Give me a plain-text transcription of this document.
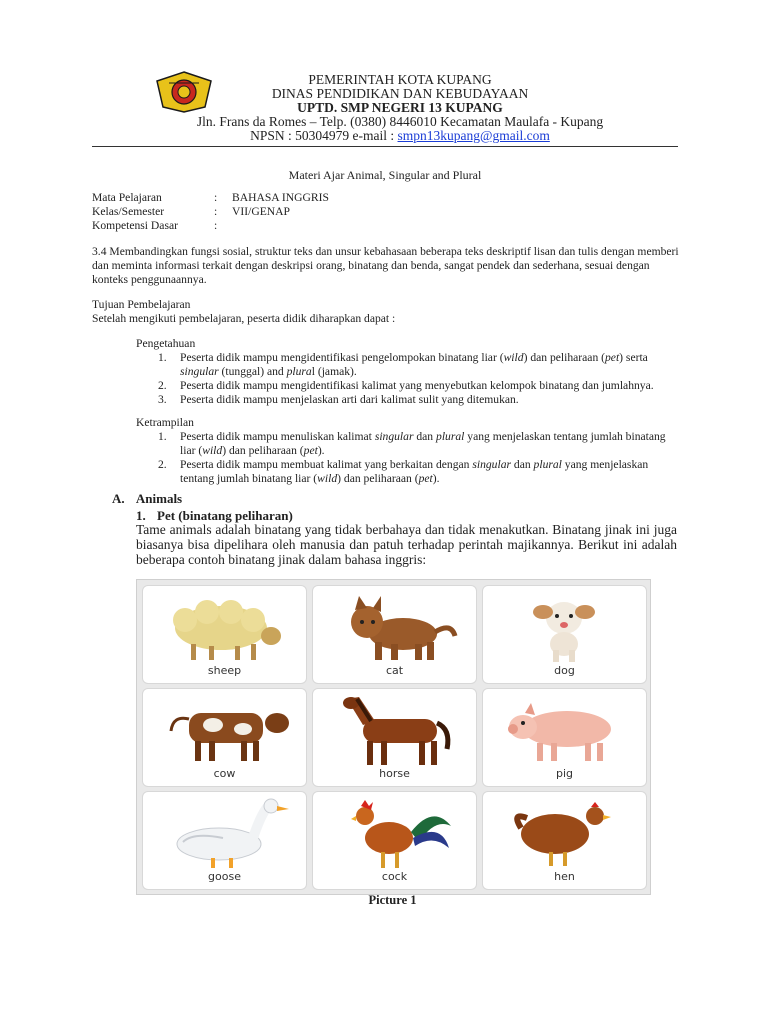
PEMERINTAH KOTA KUPANG
DINAS PENDIDIKAN DAN KEBUDAYAAN
UPTD. SMP NEGERI 13 KUPANG
Jln. Frans da Romes – Telp. (0380) 8446010 Kecamatan Maulafa - Kupang
NPSN : 50304979 e-mail : smpn13kupang@gmail.com
Materi Ajar Animal, Singular and Plural
Mata Pelajaran	: BAHASA INGGRIS
Kelas/Semester	: VII/GENAP
Kompetensi Dasar	:
3.4 Membandingkan fungsi sosial, struktur teks dan unsur kebahasaan beberapa teks deskriptif lisan dan tulis dengan memberi dan meminta informasi terkait dengan deskripsi orang, binatang dan benda, sangat pendek dan sederhana, sesuai dengan konteks penggunaannya.
Tujuan Pembelajaran
Setelah mengikuti pembelajaran, peserta didik diharapkan dapat :
Pengetahuan
1. Peserta didik mampu mengidentifikasi pengelompokan binatang liar (wild) dan peliharaan (pet) serta singular (tunggal) and plural (jamak).
2. Peserta didik mampu mengidentifikasi kalimat yang menyebutkan kelompok binatang dan jumlahnya.
3. Peserta didik mampu menjelaskan arti dari kalimat sulit yang ditemukan.
Ketrampilan
1. Peserta didik mampu menuliskan kalimat singular dan plural yang menjelaskan tentang jumlah binatang liar (wild) dan peliharaan (pet).
2. Peserta didik mampu membuat kalimat yang berkaitan dengan singular dan plural yang menjelaskan tentang jumlah binatang liar (wild) dan peliharaan (pet).
A. Animals
1. Pet (binatang peliharan)
Tame animals adalah binatang yang tidak berbahaya dan tidak menakutkan. Binatang jinak ini juga biasanya bisa dipelihara oleh manusia dan patuh terhadap perintah majikannya. Berikut ini adalah beberapa contoh binatang jinak dalam bahasa inggris:
sheep	cat	dog
cow	horse	pig
goose	cock	hen
Picture 1
